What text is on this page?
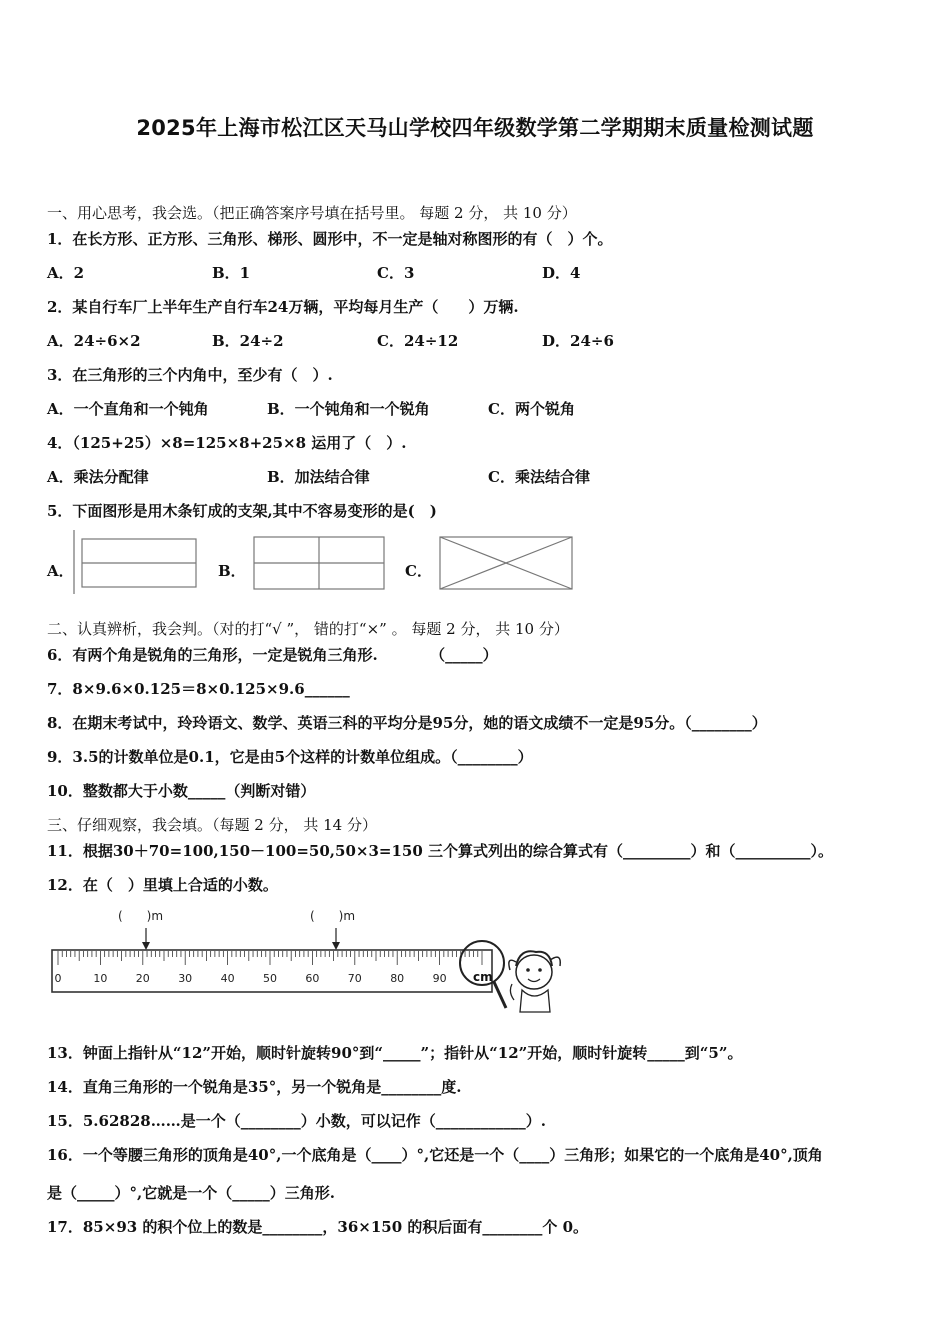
2025年上海市松江区天马山学校四年级数学第二学期期末质量检测试题
一、用心思考，我会选。（把正确答案序号填在括号里。 每题 2 分， 共 10 分）
1．在长方形、正方形、三角形、梯形、圆形中，不一定是轴对称图形的有（　）个。
A．2	B．1	C．3	D．4
2．某自行车厂上半年生产自行车24万辆，平均每月生产（　　）万辆.
A．24÷6×2	B．24÷2	C．24÷12	D．24÷6
3．在三角形的三个内角中，至少有（　）.
A．一个直角和一个钝角	B．一个钝角和一个锐角	C．两个锐角
4．（125+25）×8=125×8+25×8 运用了（　）.
A．乘法分配律	B．加法结合律	C．乘法结合律
5．下面图形是用木条钉成的支架,其中不容易变形的是(　)
A．	B．	C．
二、认真辨析，我会判。（对的打“√ ”， 错的打“×” 。 每题 2 分， 共 10 分）
6．有两个角是锐角的三角形，一定是锐角三角形.　　　　（_____）
7．8×9.6×0.125＝8×0.125×9.6______
8．在期末考试中，玲玲语文、数学、英语三科的平均分是95分，她的语文成绩不一定是95分。（________）
9．3.5的计数单位是0.1，它是由5个这样的计数单位组成。（________）
10．整数都大于小数_____（判断对错）
三、仔细观察，我会填。（每题 2 分， 共 14 分）
11．根据30＋70=100,150－100=50,50×3=150 三个算式列出的综合算式有（_________）和（__________）。
12．在（　）里填上合适的小数。
(　　)m	(　　)m
0	10	20	30	40	50	60	70	80	90 cm
13．钟面上指针从“12”开始，顺时针旋转90°到“_____”；指针从“12”开始，顺时针旋转_____到“5”。
14．直角三角形的一个锐角是35°，另一个锐角是________度.
15．5.62828……是一个（________）小数，可以记作（____________）.
16．一个等腰三角形的顶角是40°,一个底角是（____）°,它还是一个（____）三角形；如果它的一个底角是40°,顶角
是（_____）°,它就是一个（_____）三角形.
17．85×93 的积个位上的数是________，36×150 的积后面有________个 0。
